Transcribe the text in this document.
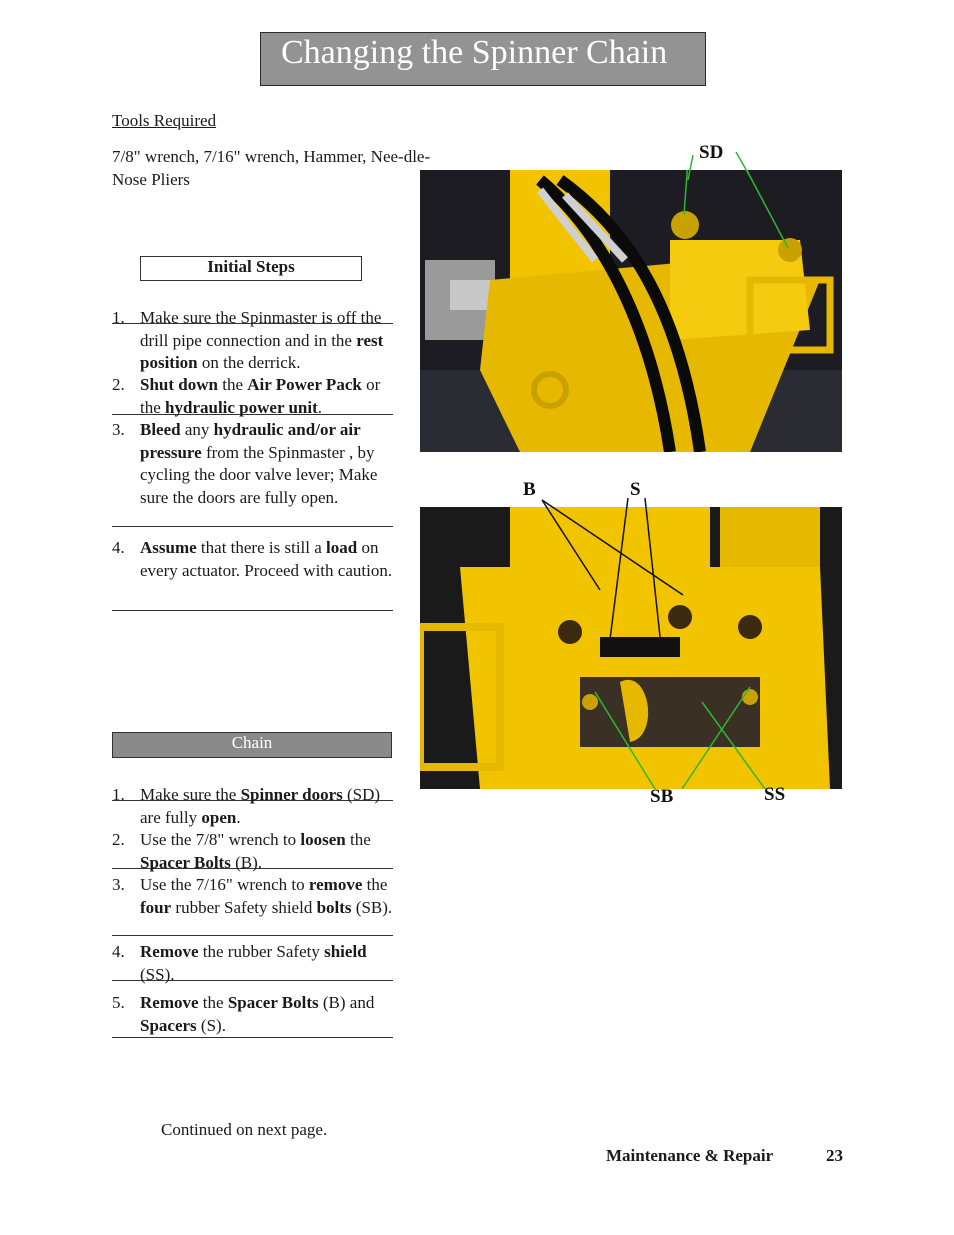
Changing the Spinner Chain
Tools Required
7/8" wrench, 7/16" wrench, Hammer, Nee-dle-Nose Pliers
Initial Steps
1. Make sure the Spinmaster is off the drill pipe connection and in the rest position on the derrick.
2. Shut down the Air Power Pack or the hydraulic power unit.
3. Bleed any hydraulic and/or air pressure from the Spinmaster , by cycling the door valve lever; Make sure the doors are fully open.
4. Assume that there is still a load on every actuator. Proceed with caution.
Chain
1. Make sure the Spinner doors (SD) are fully open.
2. Use the 7/8" wrench to loosen the Spacer Bolts (B).
3. Use the 7/16" wrench to remove the four rubber Safety shield bolts (SB).
4. Remove the rubber Safety shield (SS).
5. Remove the Spacer Bolts (B) and Spacers (S).
Continued on next page.
Maintenance & Repair	23
SD
B	S
SB	SS
